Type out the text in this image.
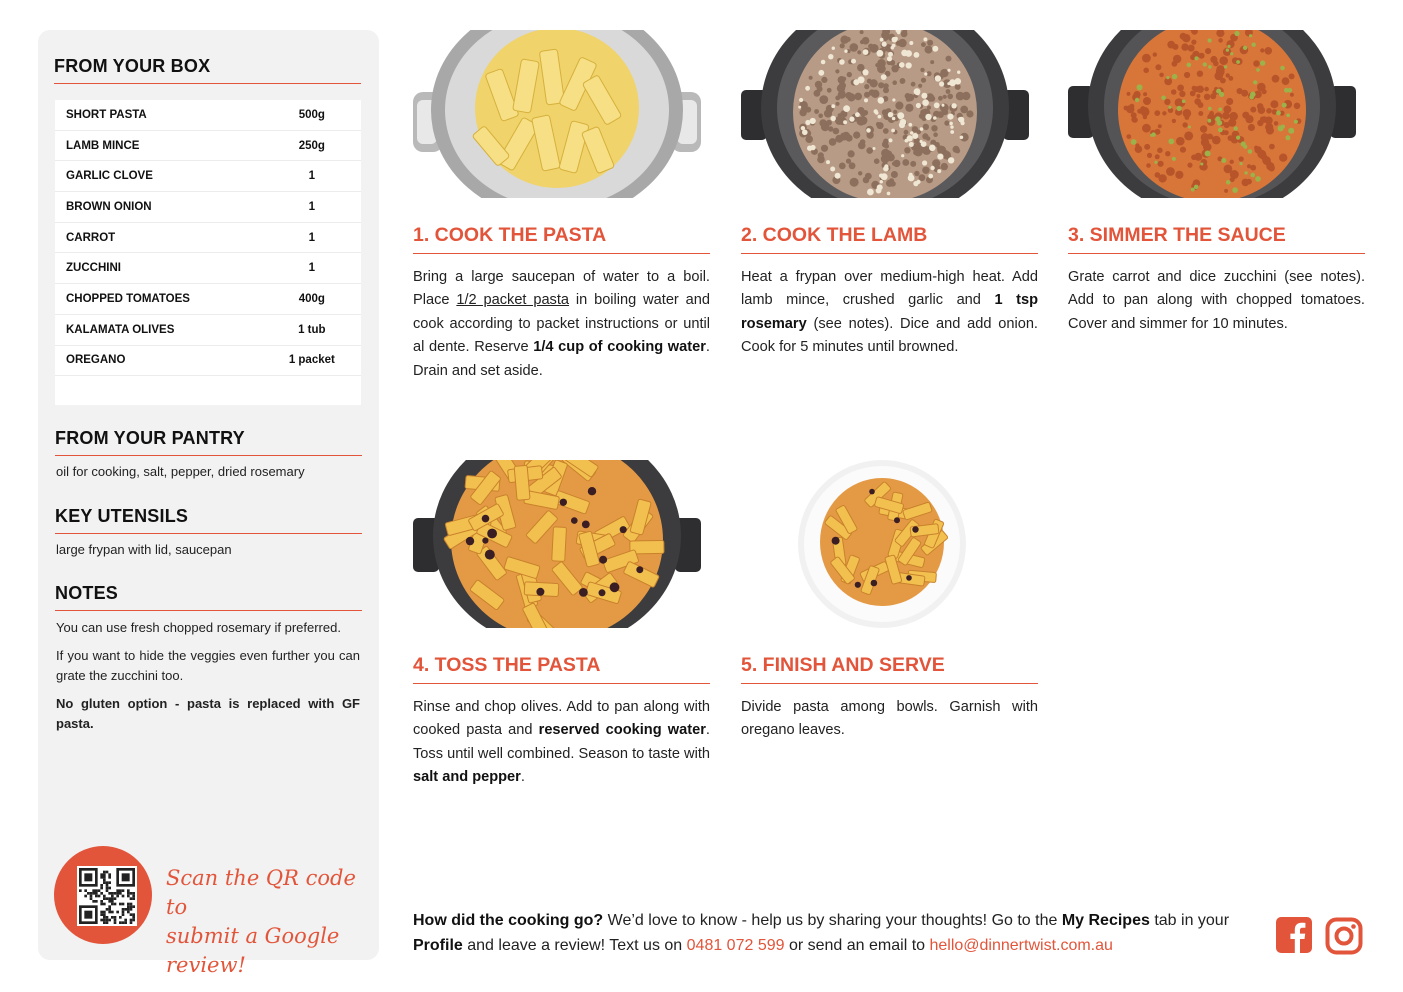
FROM YOUR BOX
SHORT PASTA	500g
LAMB MINCE	250g
GARLIC CLOVE	1
BROWN ONION	1
CARROT	1
ZUCCHINI	1
CHOPPED TOMATOES	400g
KALAMATA OLIVES	1 tub
OREGANO	1 packet
FROM YOUR PANTRY
oil for cooking, salt, pepper, dried rosemary
KEY UTENSILS
large frypan with lid, saucepan
NOTES

You can use fresh chopped rosemary if preferred.

If you want to hide the veggies even further you can grate the zucchini too.

No gluten option - pasta is replaced with GF pasta.

Scan the QR code to
submit a Google review!
1. COOK THE PASTA
Bring a large saucepan of water to a boil. Place 1/2 packet pasta in boiling water and cook according to packet instructions or until al dente. Reserve 1/4 cup of cooking water. Drain and set aside.
2. COOK THE LAMB
Heat a frypan over medium-high heat. Add lamb mince, crushed garlic and 1 tsp rosemary (see notes). Dice and add onion. Cook for 5 minutes until browned.
3. SIMMER THE SAUCE
Grate carrot and dice zucchini (see notes). Add to pan along with chopped tomatoes. Cover and simmer for 10 minutes.
4. TOSS THE PASTA
Rinse and chop olives. Add to pan along with cooked pasta and reserved cooking water. Toss until well combined. Season to taste with salt and pepper.
5. FINISH AND SERVE
Divide pasta among bowls. Garnish with oregano leaves.
How did the cooking go? We’d love to know - help us by sharing your thoughts! Go to the My Recipes tab in your Profile and leave a review! Text us on 0481 072 599 or send an email to hello@dinnertwist.com.au
